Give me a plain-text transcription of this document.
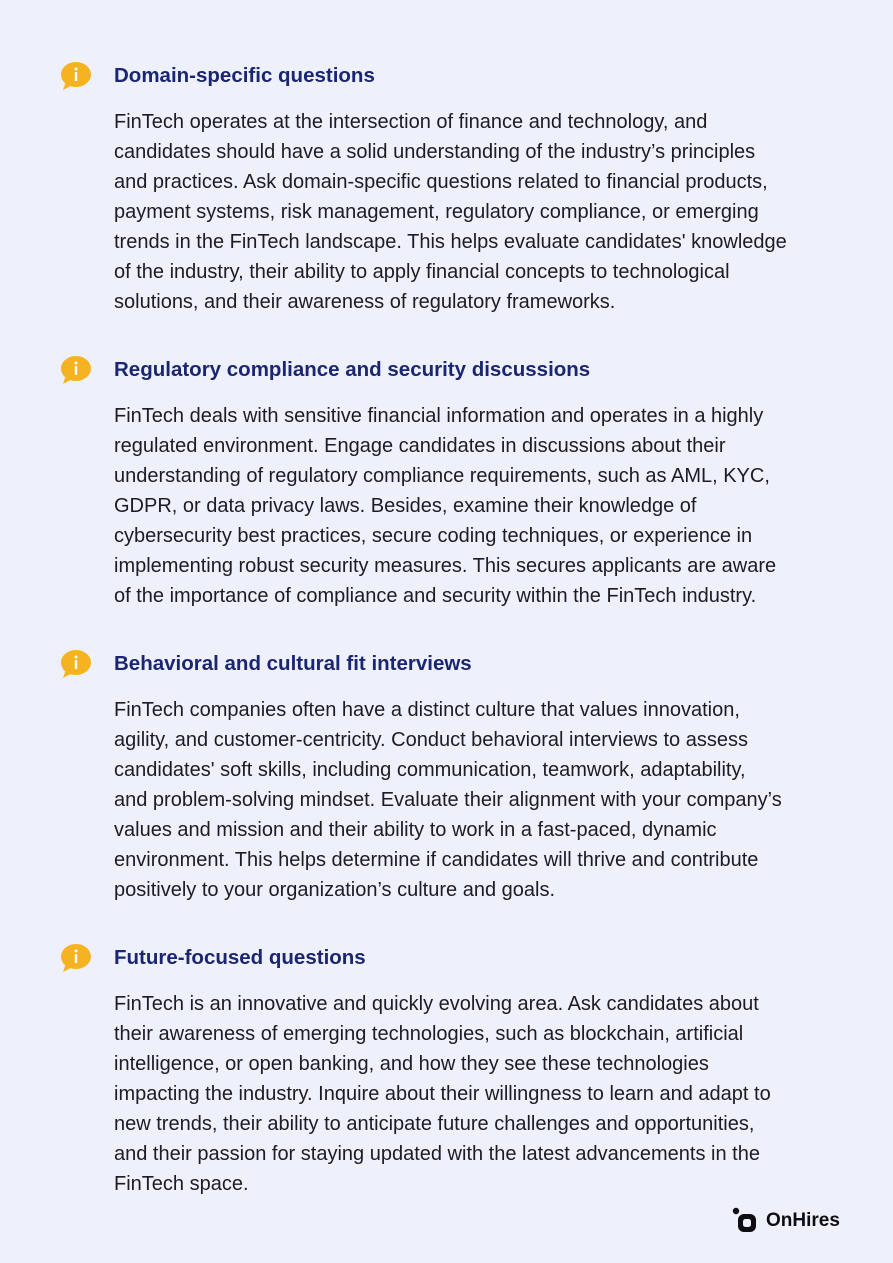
Domain-specific questions

FinTech operates at the intersection of finance and technology, and
candidates should have a solid understanding of the industry’s principles
and practices. Ask domain-specific questions related to financial products,
payment systems, risk management, regulatory compliance, or emerging
trends in the FinTech landscape. This helps evaluate candidates' knowledge
of the industry, their ability to apply financial concepts to technological
solutions, and their awareness of regulatory frameworks.

Regulatory compliance and security discussions

FinTech deals with sensitive financial information and operates in a highly
regulated environment. Engage candidates in discussions about their
understanding of regulatory compliance requirements, such as AML, KYC,
GDPR, or data privacy laws. Besides, examine their knowledge of
cybersecurity best practices, secure coding techniques, or experience in
implementing robust security measures. This secures applicants are aware
of the importance of compliance and security within the FinTech industry.

Behavioral and cultural fit interviews

FinTech companies often have a distinct culture that values innovation,
agility, and customer-centricity. Conduct behavioral interviews to assess
candidates' soft skills, including communication, teamwork, adaptability,
and problem-solving mindset. Evaluate their alignment with your company’s
values and mission and their ability to work in a fast-paced, dynamic
environment. This helps determine if candidates will thrive and contribute
positively to your organization’s culture and goals.

Future-focused questions

FinTech is an innovative and quickly evolving area. Ask candidates about
their awareness of emerging technologies, such as blockchain, artificial
intelligence, or open banking, and how they see these technologies
impacting the industry. Inquire about their willingness to learn and adapt to
new trends, their ability to anticipate future challenges and opportunities,
and their passion for staying updated with the latest advancements in the
FinTech space.

OnHires
